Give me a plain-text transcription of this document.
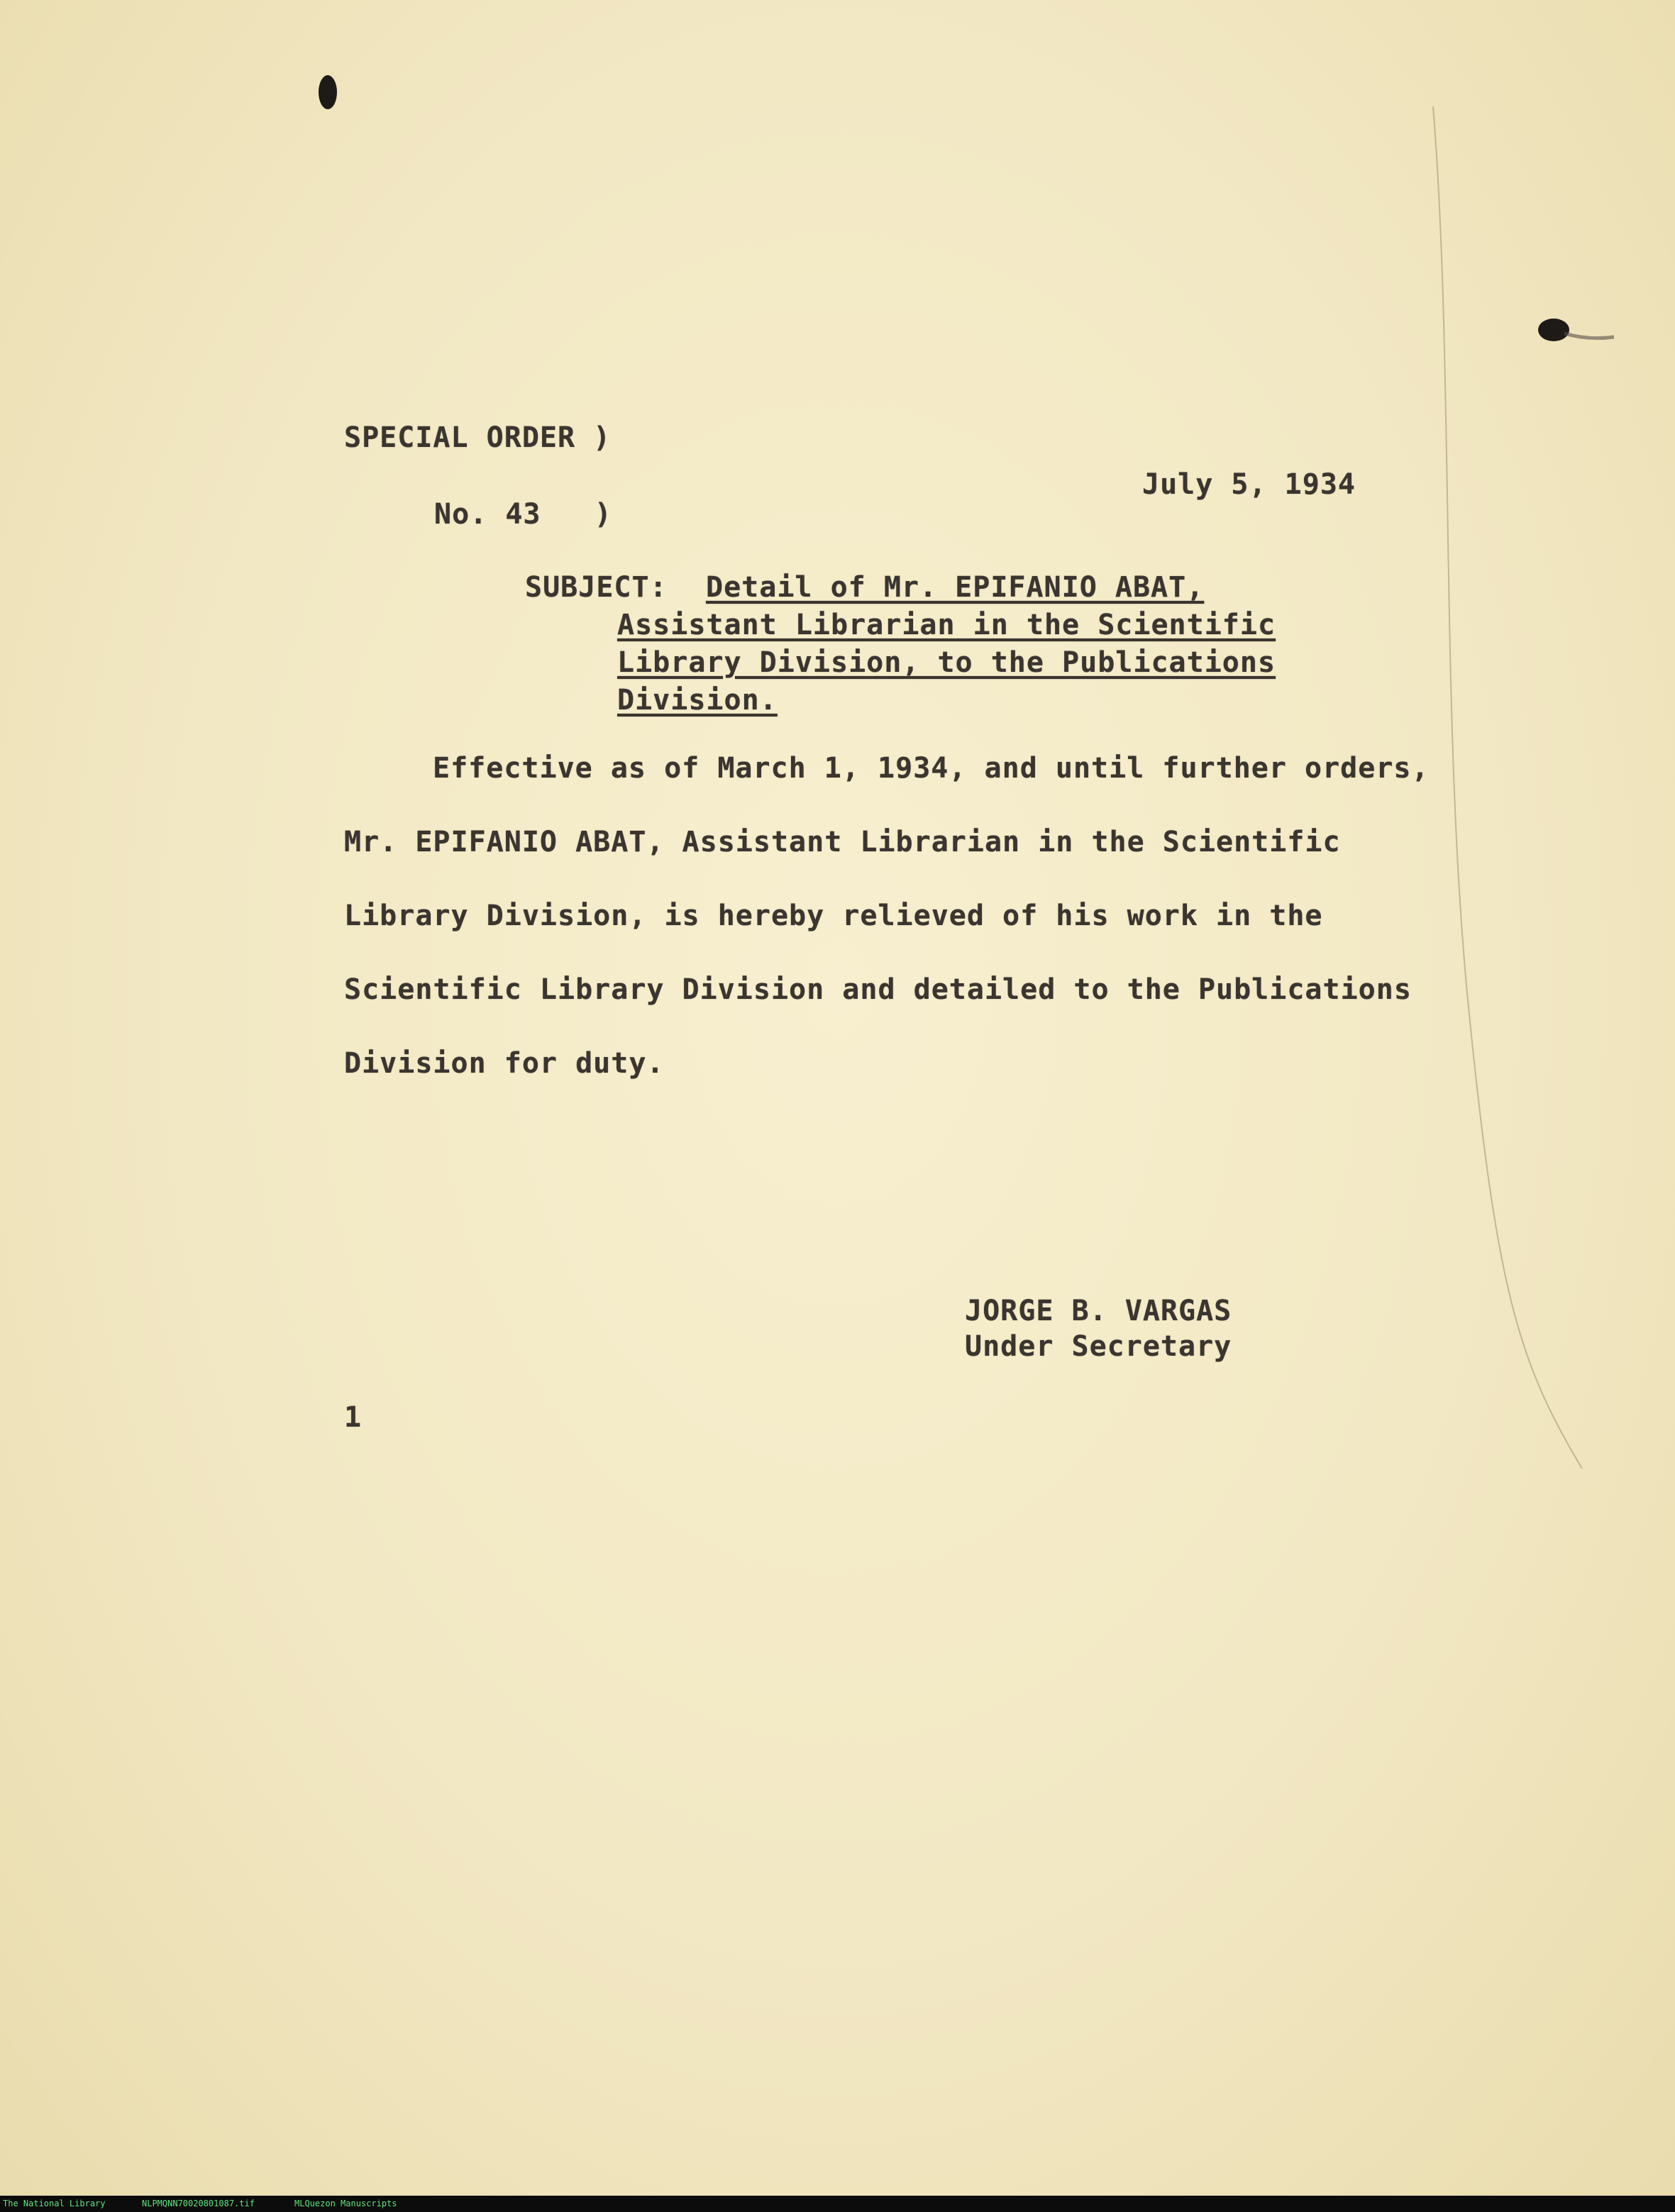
SPECIAL ORDER )
No. 43   )
July 5, 1934
SUBJECT: Detail of Mr. EPIFANIO ABAT,
Assistant Librarian in the Scientific
Library Division, to the Publications
Division.
Effective as of March 1, 1934, and until further orders,
Mr. EPIFANIO ABAT, Assistant Librarian in the Scientific
Library Division, is hereby relieved of his work in the
Scientific Library Division and detailed to the Publications
Division for duty.
JORGE B. VARGAS
Under Secretary
1
The National Library	NLPMQNN70020801087.tif	MLQuezon Manuscripts
